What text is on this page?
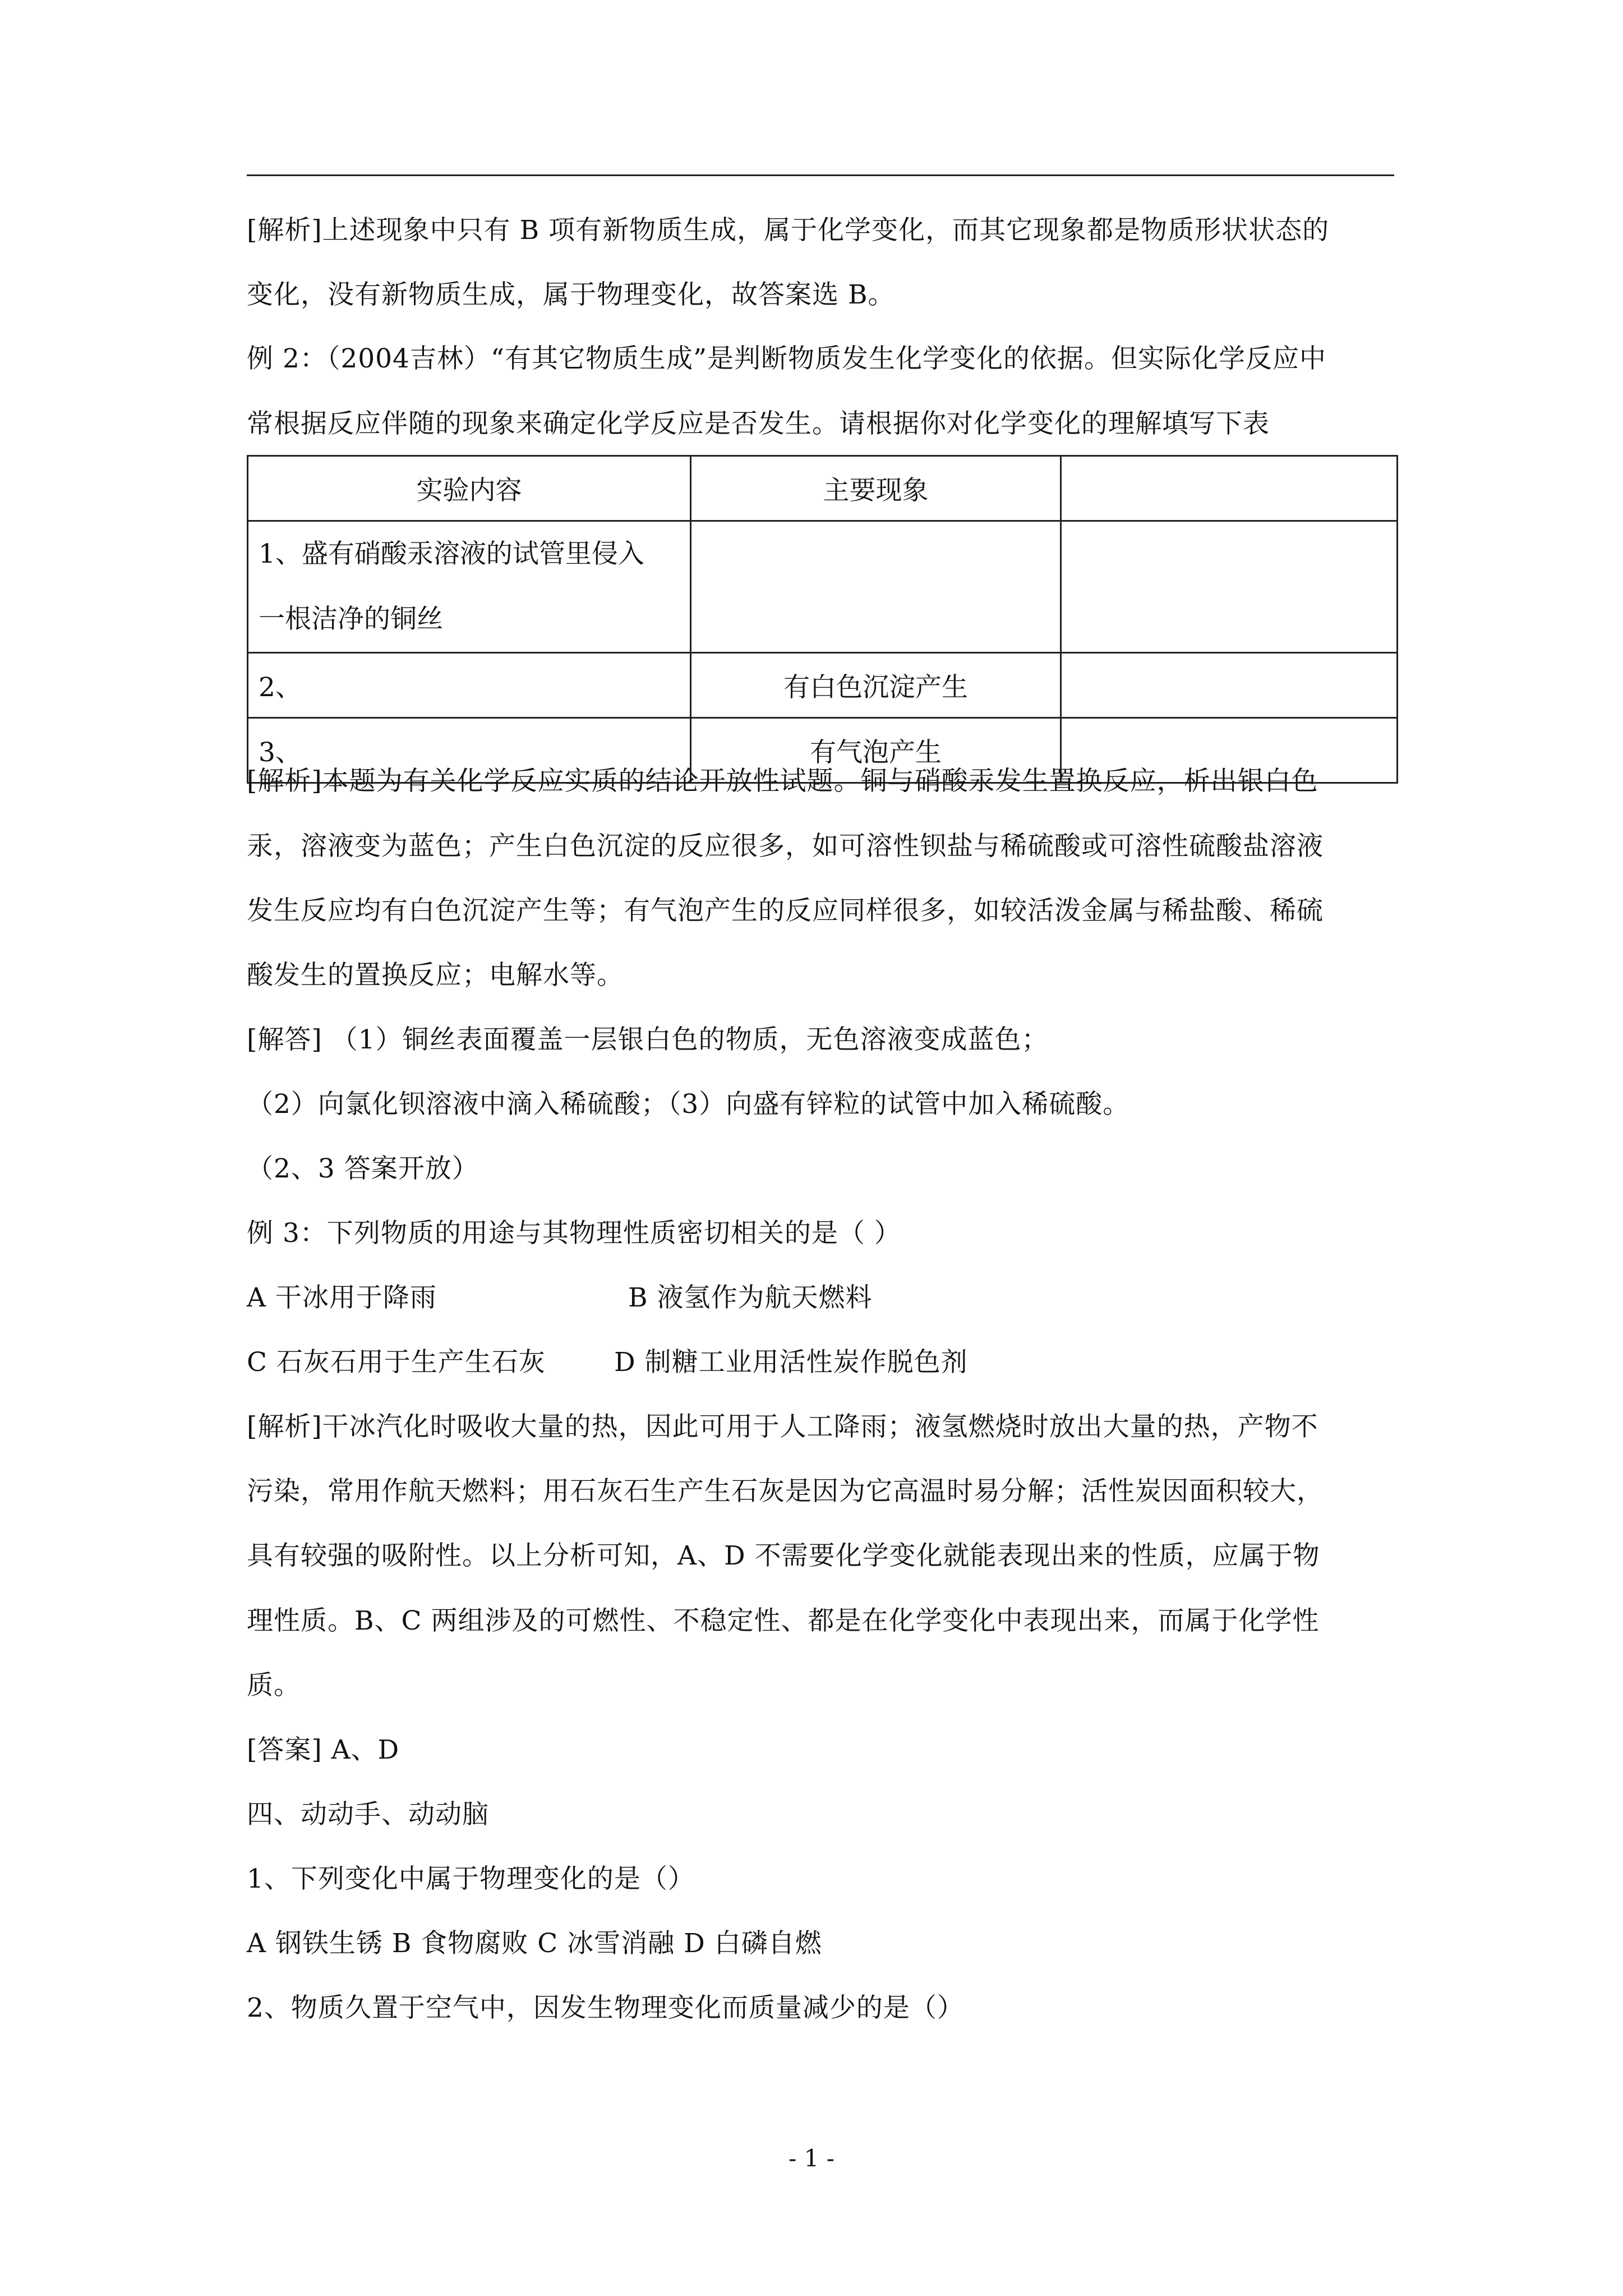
[解析]上述现象中只有 B 项有新物质生成，属于化学变化，而其它现象都是物质形状状态的
变化，没有新物质生成，属于物理变化，故答案选 B。
例 2：（2004吉林）“有其它物质生成”是判断物质发生化学变化的依据。但实际化学反应中
常根据反应伴随的现象来确定化学反应是否发生。请根据你对化学变化的理解填写下表
实验内容	主要现象	

1、盛有硝酸汞溶液的试管里侵入
一根洁净的铜丝		

2、	有白色沉淀产生	
3、	有气泡产生	
[解析]本题为有关化学反应实质的结论开放性试题。铜与硝酸汞发生置换反应，析出银白色
汞，溶液变为蓝色；产生白色沉淀的反应很多，如可溶性钡盐与稀硫酸或可溶性硫酸盐溶液
发生反应均有白色沉淀产生等；有气泡产生的反应同样很多，如较活泼金属与稀盐酸、稀硫
酸发生的置换反应；电解水等。
[解答] （1）铜丝表面覆盖一层银白色的物质，无色溶液变成蓝色；
（2）向氯化钡溶液中滴入稀硫酸；（3）向盛有锌粒的试管中加入稀硫酸。
（2、3 答案开放）
例 3：下列物质的用途与其物理性质密切相关的是（ ）
A 干冰用于降雨	B 液氢作为航天燃料
C 石灰石用于生产生石灰	D 制糖工业用活性炭作脱色剂
[解析]干冰汽化时吸收大量的热，因此可用于人工降雨；液氢燃烧时放出大量的热，产物不
污染，常用作航天燃料；用石灰石生产生石灰是因为它高温时易分解；活性炭因面积较大，
具有较强的吸附性。以上分析可知，A、D 不需要化学变化就能表现出来的性质，应属于物
理性质。B、C 两组涉及的可燃性、不稳定性、都是在化学变化中表现出来，而属于化学性
质。
[答案] A、D
四、动动手、动动脑
1、下列变化中属于物理变化的是（）
A 钢铁生锈 B 食物腐败 C 冰雪消融 D 白磷自燃
2、物质久置于空气中，因发生物理变化而质量减少的是（）
- 1 -
